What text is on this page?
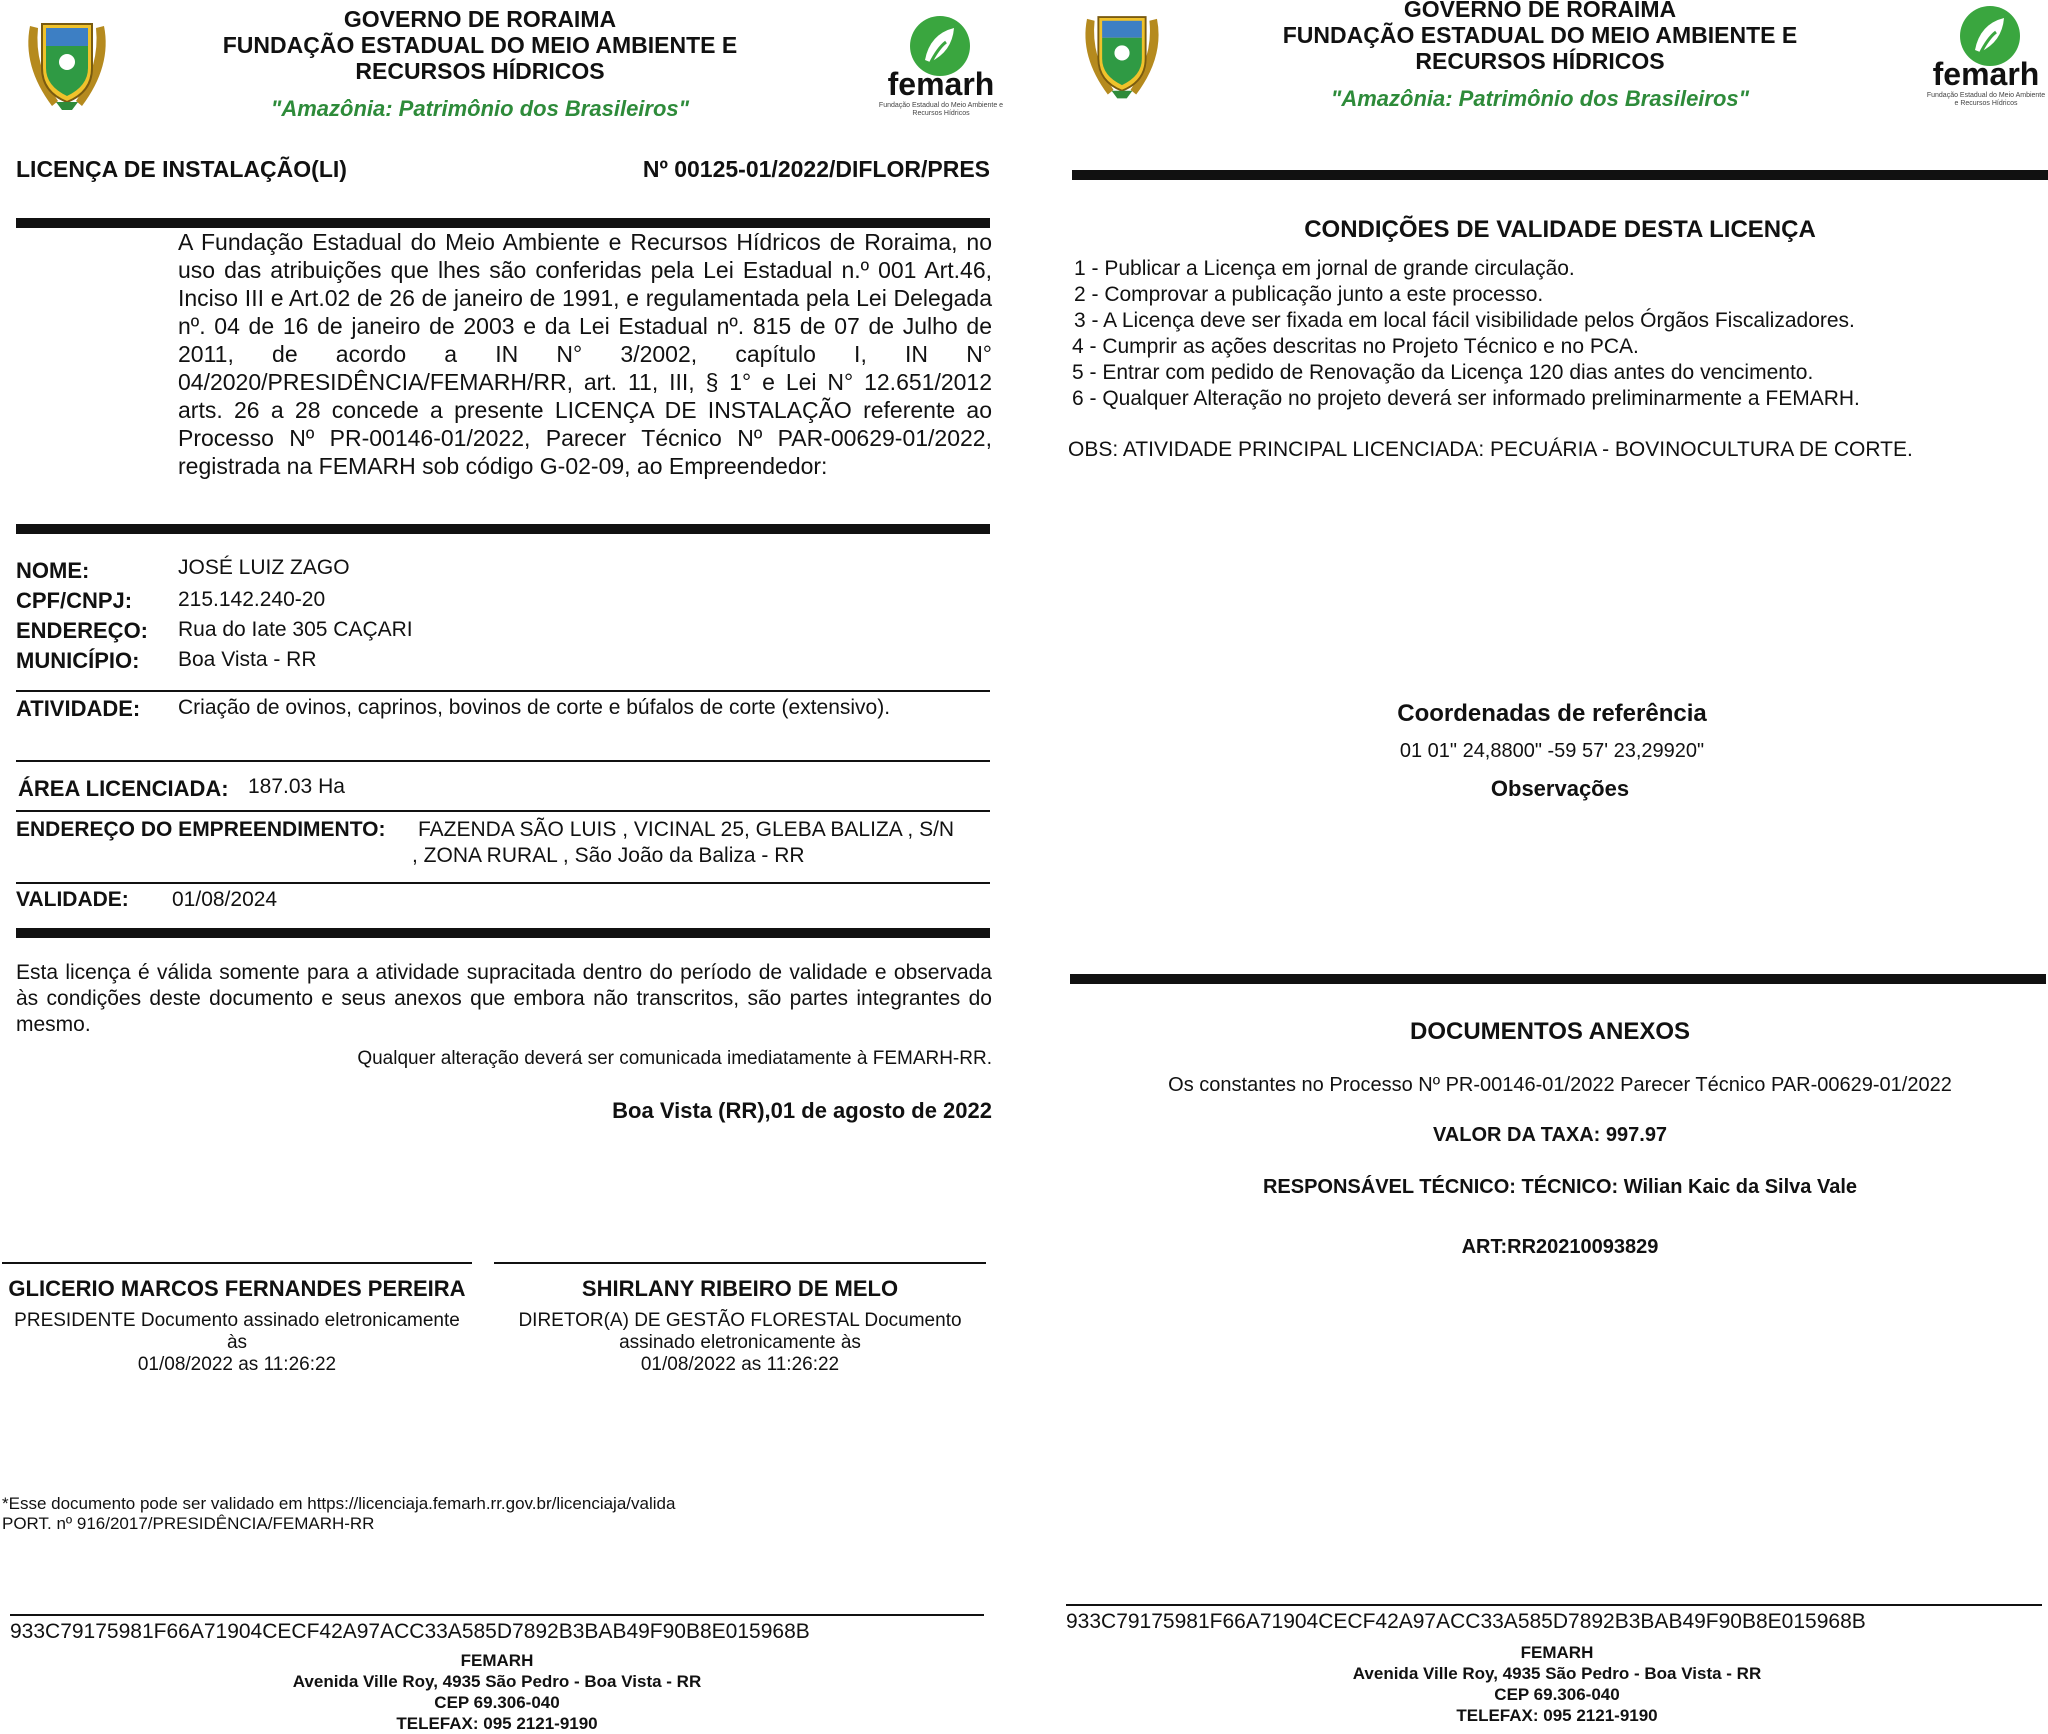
GOVERNO DE RORAIMA
FUNDAÇÃO ESTADUAL DO MEIO AMBIENTE E
RECURSOS HÍDRICOS
"Amazônia: Patrimônio dos Brasileiros"
femarh
Fundação Estadual do Meio Ambiente e Recursos Hídricos
LICENÇA DE INSTALAÇÃO(LI)	Nº 00125-01/2022/DIFLOR/PRES
A Fundação Estadual do Meio Ambiente e Recursos Hídricos de Roraima, no uso das atribuições que lhes são conferidas pela Lei Estadual n.º 001 Art.46, Inciso III e Art.02 de 26 de janeiro de 1991, e regulamentada pela Lei Delegada nº. 04 de 16 de janeiro de 2003 e da Lei Estadual nº. 815 de 07 de Julho de 2011, de acordo a IN N° 3/2002, capítulo I, IN N° 04/2020/PRESIDÊNCIA/FEMARH/RR, art. 11, III, § 1° e Lei N° 12.651/2012 arts. 26 a 28 concede a presente LICENÇA DE INSTALAÇÃO referente ao Processo Nº PR-00146-01/2022, Parecer Técnico Nº PAR-00629-01/2022, registrada na FEMARH sob código G-02-09, ao Empreendedor:
NOME:	JOSÉ LUIZ ZAGO
CPF/CNPJ: 215.142.240-20
ENDEREÇO: Rua do Iate 305 CAÇARI
MUNICÍPIO: Boa Vista - RR
ATIVIDADE: Criação de ovinos, caprinos, bovinos de corte e búfalos de corte (extensivo).
ÁREA LICENCIADA: 187.03 Ha
ENDEREÇO DO EMPREENDIMENTO: FAZENDA SÃO LUIS , VICINAL 25, GLEBA BALIZA , S/N
, ZONA RURAL , São João da Baliza - RR
VALIDADE: 01/08/2024
Esta licença é válida somente para a atividade supracitada dentro do período de validade e observada às condições deste documento e seus anexos que embora não transcritos, são partes integrantes do mesmo.
Qualquer alteração deverá ser comunicada imediatamente à FEMARH-RR.
Boa Vista (RR),01 de agosto de 2022
GLICERIO MARCOS FERNANDES PEREIRA
PRESIDENTE Documento assinado eletronicamente
às
01/08/2022 as 11:26:22
SHIRLANY RIBEIRO DE MELO
DIRETOR(A) DE GESTÃO FLORESTAL Documento
assinado eletronicamente às
01/08/2022 as 11:26:22
*Esse documento pode ser validado em https://licenciaja.femarh.rr.gov.br/licenciaja/valida
PORT. nº 916/2017/PRESIDÊNCIA/FEMARH-RR
933C79175981F66A71904CECF42A97ACC33A585D7892B3BAB49F90B8E015968B
FEMARH
Avenida Ville Roy, 4935 São Pedro - Boa Vista - RR
CEP 69.306-040
TELEFAX: 095 2121-9190
GOVERNO DE RORAIMA
FUNDAÇÃO ESTADUAL DO MEIO AMBIENTE E
RECURSOS HÍDRICOS
"Amazônia: Patrimônio dos Brasileiros"
femarh
Fundação Estadual do Meio Ambiente e Recursos Hídricos
CONDIÇÕES DE VALIDADE DESTA LICENÇA
1 - Publicar a Licença em jornal de grande circulação.
2 - Comprovar a publicação junto a este processo.
3 - A Licença deve ser fixada em local fácil visibilidade pelos Órgãos Fiscalizadores.
4 - Cumprir as ações descritas no Projeto Técnico e no PCA.
5 - Entrar com pedido de Renovação da Licença 120 dias antes do vencimento.
6 - Qualquer Alteração no projeto deverá ser informado preliminarmente a FEMARH.
OBS: ATIVIDADE PRINCIPAL LICENCIADA: PECUÁRIA - BOVINOCULTURA DE CORTE.
Coordenadas de referência
01 01" 24,8800" -59 57' 23,29920"
Observações
DOCUMENTOS ANEXOS
Os constantes no Processo Nº PR-00146-01/2022 Parecer Técnico PAR-00629-01/2022
VALOR DA TAXA: 997.97
RESPONSÁVEL TÉCNICO: TÉCNICO: Wilian Kaic da Silva Vale
ART:RR20210093829
933C79175981F66A71904CECF42A97ACC33A585D7892B3BAB49F90B8E015968B
FEMARH
Avenida Ville Roy, 4935 São Pedro - Boa Vista - RR
CEP 69.306-040
TELEFAX: 095 2121-9190
